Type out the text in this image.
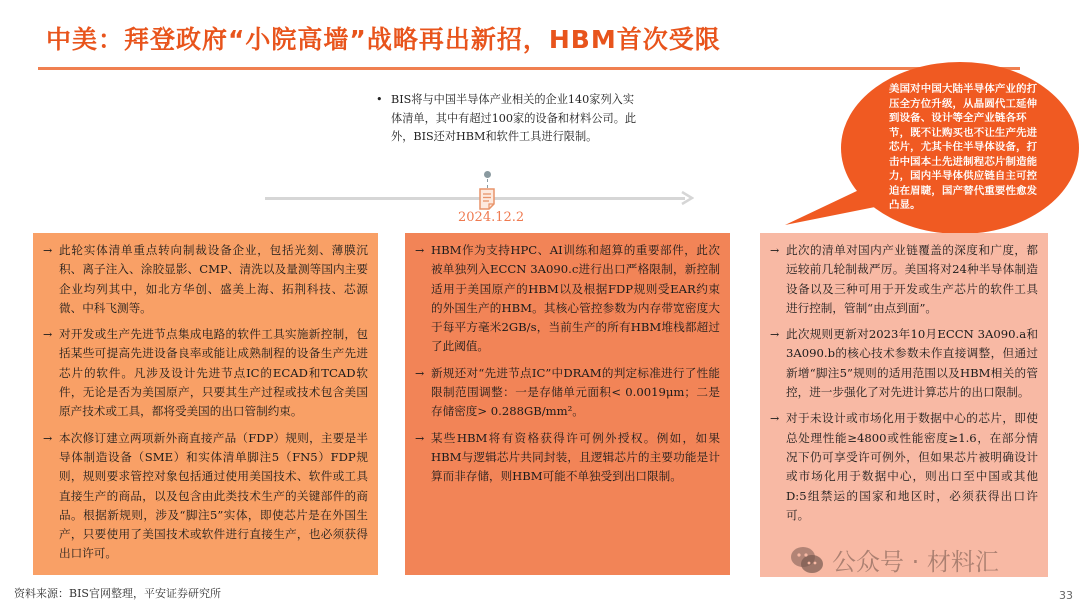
中美：拜登政府“小院高墙”战略再出新招，HBM首次受限
• BIS将与中国半导体产业相关的企业140家列入实体清单，其中有超过100家的设备和材料公司。此外，BIS还对HBM和软件工具进行限制。
2024.12.2
美国对中国大陆半导体产业的打压全方位升级，从晶圆代工延伸到设备、设计等全产业链各环节，既不让购买也不让生产先进芯片，尤其卡住半导体设备，打击中国本土先进制程芯片制造能力，国内半导体供应链自主可控迫在眉睫，国产替代重要性愈发凸显。
→ 此轮实体清单重点转向制裁设备企业，包括光刻、薄膜沉积、离子注入、涂胶显影、CMP、清洗以及量测等国内主要企业均列其中，如北方华创、盛美上海、拓荆科技、芯源微、中科飞测等。
→ 对开发或生产先进节点集成电路的软件工具实施新控制，包括某些可提高先进设备良率或能让成熟制程的设备生产先进芯片的软件。凡涉及设计先进节点IC的ECAD和TCAD软件，无论是否为美国原产，只要其生产过程或技术包含美国原产技术或工具，都将受美国的出口管制约束。
→ 本次修订建立两项新外商直接产品（FDP）规则，主要是半导体制造设备（SME）和实体清单脚注5（FN5）FDP规则，规则要求管控对象包括通过使用美国技术、软件或工具直接生产的商品，以及包含由此类技术生产的关键部件的商品。根据新规则，涉及“脚注5”实体，即使芯片是在外国生产，只要使用了美国技术或软件进行直接生产，也必须获得出口许可。
→ HBM作为支持HPC、AI训练和超算的重要部件，此次被单独列入ECCN 3A090.c进行出口严格限制，新控制适用于美国原产的HBM以及根据FDP规则受EAR约束的外国生产的HBM。其核心管控参数为内存带宽密度大于每平方毫米2GB/s，当前生产的所有HBM堆栈都超过了此阈值。
→ 新规还对“先进节点IC”中DRAM的判定标准进行了性能限制范围调整：一是存储单元面积< 0.0019μm；二是存储密度> 0.288GB/mm²。
→ 某些HBM将有资格获得许可例外授权。例如，如果HBM与逻辑芯片共同封装，且逻辑芯片的主要功能是计算而非存储，则HBM可能不单独受到出口限制。
→ 此次的清单对国内产业链覆盖的深度和广度，都远较前几轮制裁严厉。美国将对24种半导体制造设备以及三种可用于开发或生产芯片的软件工具进行控制，管制“由点到面”。
→ 此次规则更新对2023年10月ECCN 3A090.a和3A090.b的核心技术参数未作直接调整，但通过新增“脚注5”规则的适用范围以及HBM相关的管控，进一步强化了对先进计算芯片的出口限制。
→ 对于未设计或市场化用于数据中心的芯片，即使总处理性能≥4800或性能密度≥1.6，在部分情况下仍可享受许可例外，但如果芯片被明确设计或市场化用于数据中心，则出口至中国或其他D:5组禁运的国家和地区时，必须获得出口许可。
公众号 · 材料汇
资料来源：BIS官网整理，平安证券研究所	33
